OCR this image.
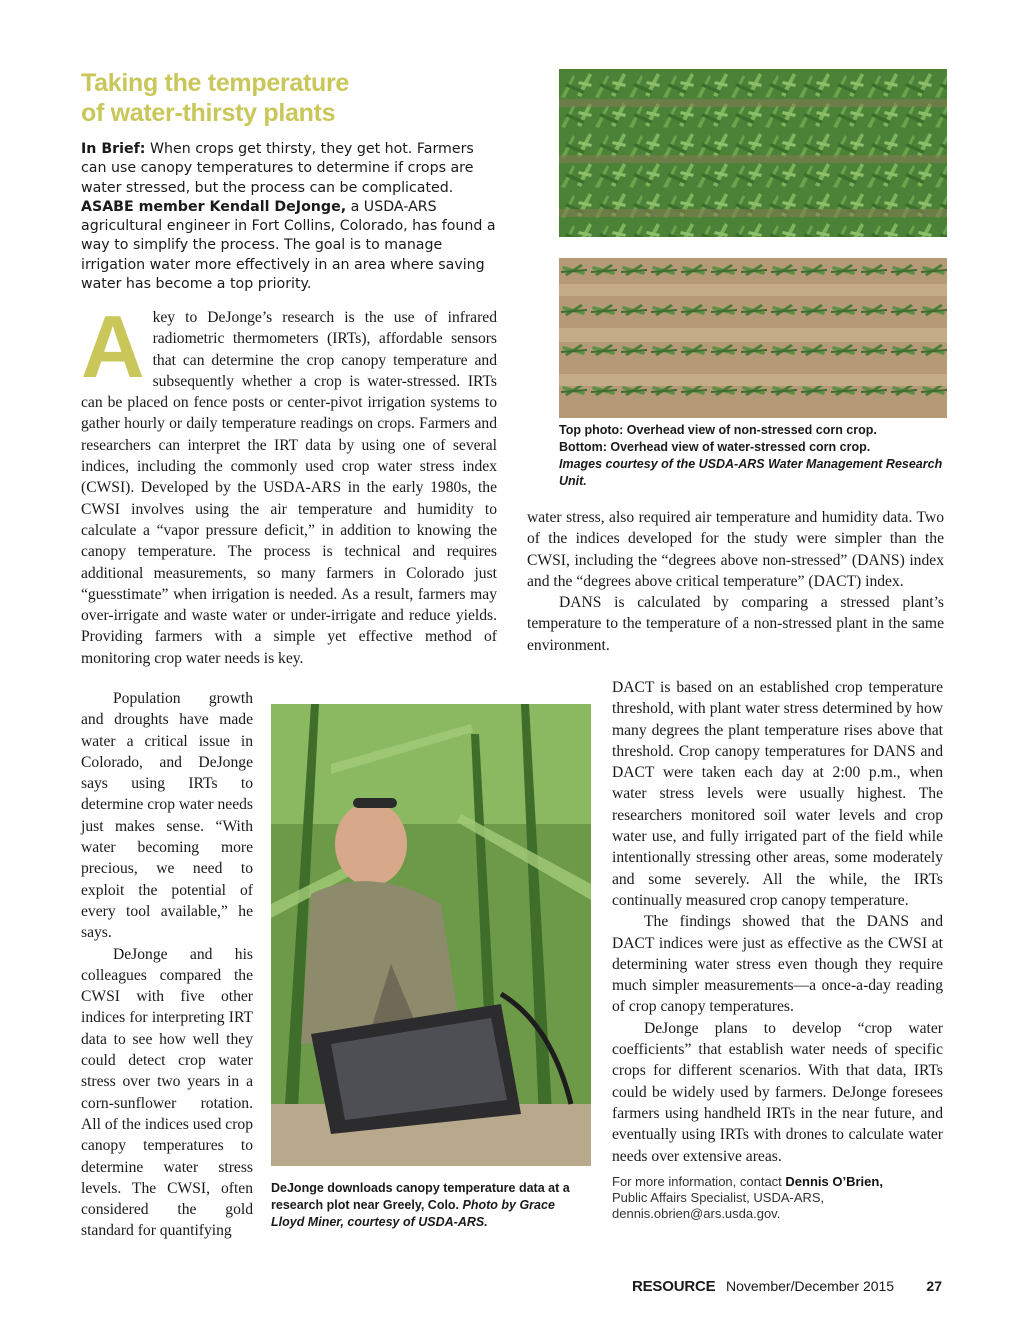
Taking the temperature
of water-thirsty plants

In Brief: When crops get thirsty, they get hot. Farmers can use canopy temperatures to determine if crops are water stressed, but the process can be complicated. ASABE member Kendall DeJonge, a USDA-ARS agricultural engineer in Fort Collins, Colorado, has found a way to simplify the process. The goal is to manage irrigation water more effectively in an area where saving water has become a top priority.

Akey to DeJonge’s research is the use of infrared radiometric thermometers (IRTs), affordable sensors that can determine the crop canopy temperature and subsequently whether a crop is water-stressed. IRTs can be placed on fence posts or center-pivot irrigation systems to gather hourly or daily temperature readings on crops. Farmers and researchers can interpret the IRT data by using one of several indices, including the commonly used crop water stress index (CWSI). Developed by the USDA-ARS in the early 1980s, the CWSI involves using the air temperature and humidity to calculate a “vapor pressure deficit,” in addition to knowing the canopy temperature. The process is technical and requires additional measurements, so many farmers in Colorado just “guesstimate” when irrigation is needed. As a result, farmers may over-irrigate and waste water or under-irrigate and reduce yields. Providing farmers with a simple yet effective method of monitoring crop water needs is key.

Population growth and droughts have made water a critical issue in Colorado, and DeJonge says using IRTs to determine crop water needs just makes sense. “With water becoming more precious, we need to exploit the potential of every tool available,” he says.

DeJonge and his colleagues compared the CWSI with five other indices for interpreting IRT data to see how well they could detect crop water stress over two years in a corn-sunflower rotation. All of the indices used crop canopy temperatures to determine water stress levels. The CWSI, often considered the gold standard for quantifying

Top photo: Overhead view of non-stressed corn crop.

Bottom: Overhead view of water-stressed corn crop.

Images courtesy of the USDA-ARS Water Management Research Unit.

water stress, also required air temperature and humidity data. Two of the indices developed for the study were simpler than the CWSI, including the “degrees above non-stressed” (DANS) index and the “degrees above critical temperature” (DACT) index.

DANS is calculated by comparing a stressed plant’s temperature to the temperature of a non-stressed plant in the same environment.

DeJonge downloads canopy temperature data at a research plot near Greely, Colo. Photo by Grace Lloyd Miner, courtesy of USDA-ARS.

DACT is based on an established crop temperature threshold, with plant water stress determined by how many degrees the plant temperature rises above that threshold. Crop canopy temperatures for DANS and DACT were taken each day at 2:00 p.m., when water stress levels were usually highest. The researchers monitored soil water levels and crop water use, and fully irrigated part of the field while intentionally stressing other areas, some moderately and some severely. All the while, the IRTs continually measured crop canopy temperature.

The findings showed that the DANS and DACT indices were just as effective as the CWSI at determining water stress even though they require much simpler measurements—a once-a-day reading of crop canopy temperatures.

DeJonge plans to develop “crop water coefficients” that establish water needs of specific crops for different scenarios. With that data, IRTs could be widely used by farmers. DeJonge foresees farmers using handheld IRTs in the near future, and eventually using IRTs with drones to calculate water needs over extensive areas.

For more information, contact Dennis O’Brien,

Public Affairs Specialist, USDA-ARS,

dennis.obrien@ars.usda.gov.

RESOURCE November/December 2015 27
